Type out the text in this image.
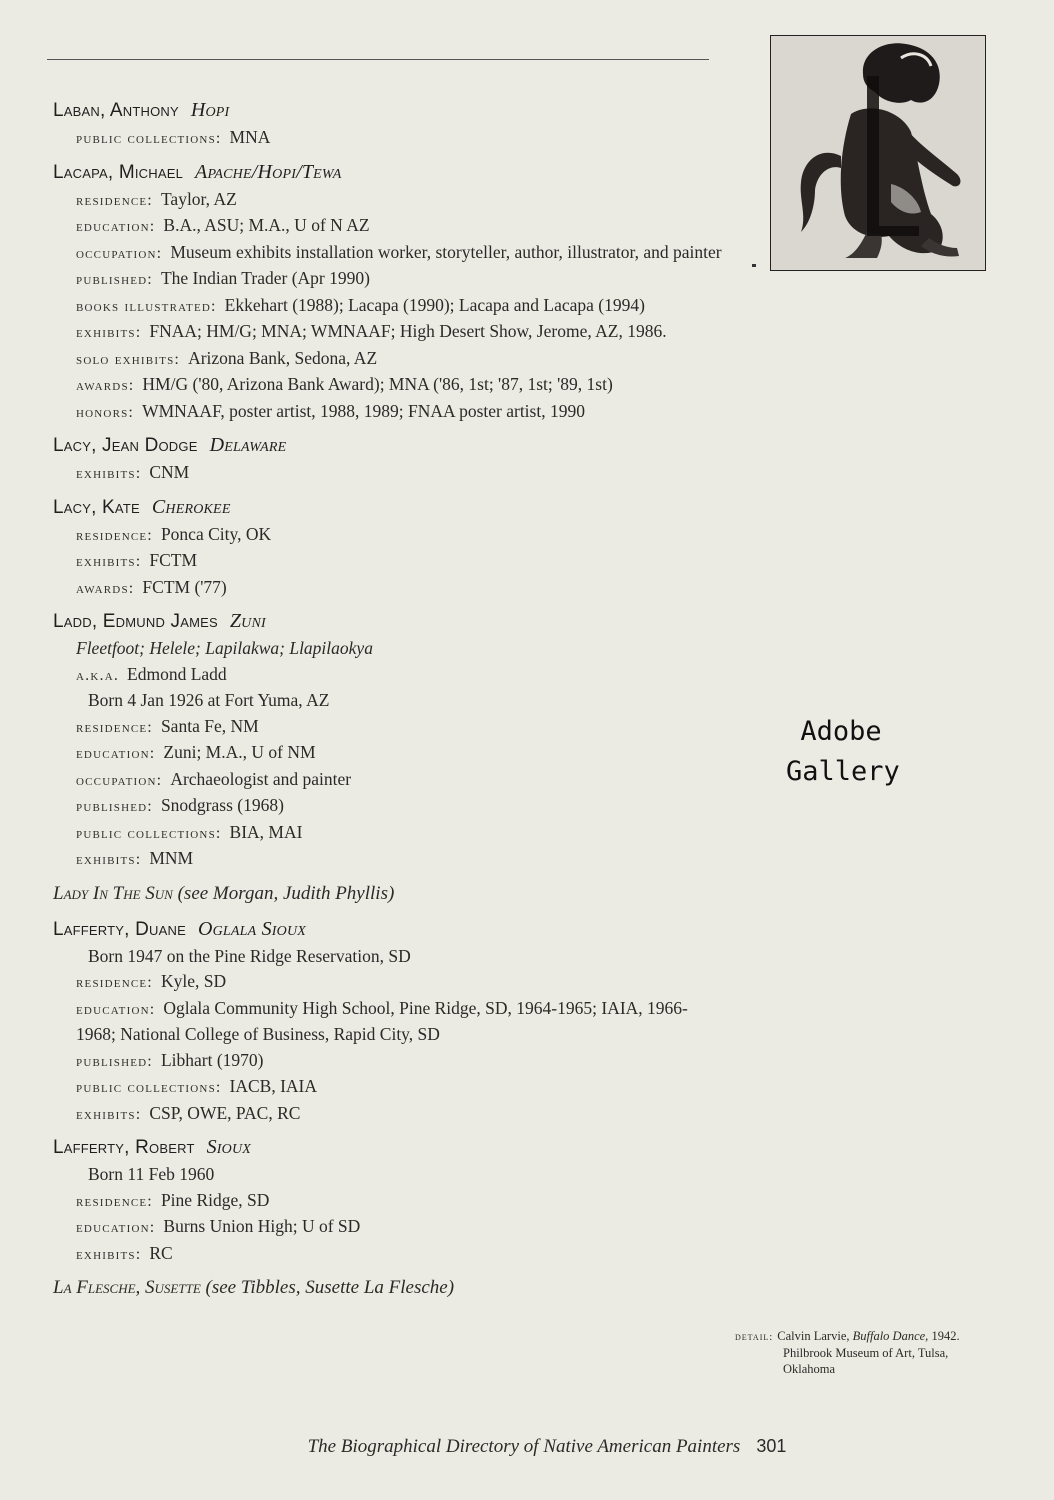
Laban, Anthony Hopi
public collections: MNA
Lacapa, Michael Apache/Hopi/Tewa
residence: Taylor, AZ
education: B.A., ASU; M.A., U of N AZ
occupation: Museum exhibits installation worker, storyteller, author, illustrator, and painter
published: The Indian Trader (Apr 1990)
books illustrated: Ekkehart (1988); Lacapa (1990); Lacapa and Lacapa (1994)
exhibits: FNAA; HM/G; MNA; WMNAAF; High Desert Show, Jerome, AZ, 1986.
solo exhibits: Arizona Bank, Sedona, AZ
awards: HM/G ('80, Arizona Bank Award); MNA ('86, 1st; '87, 1st; '89, 1st)
honors: WMNAAF, poster artist, 1988, 1989; FNAA poster artist, 1990
Lacy, Jean Dodge Delaware
exhibits: CNM
Lacy, Kate Cherokee
residence: Ponca City, OK
exhibits: FCTM
awards: FCTM ('77)
Ladd, Edmund James Zuni
Fleetfoot; Helele; Lapilakwa; Llapilaokya
a.k.a. Edmond Ladd
Born 4 Jan 1926 at Fort Yuma, AZ
residence: Santa Fe, NM
education: Zuni; M.A., U of NM
occupation: Archaeologist and painter
published: Snodgrass (1968)
public collections: BIA, MAI
exhibits: MNM
Lady In The Sun (see Morgan, Judith Phyllis)
Lafferty, Duane Oglala Sioux
Born 1947 on the Pine Ridge Reservation, SD
residence: Kyle, SD
education: Oglala Community High School, Pine Ridge, SD, 1964-1965; IAIA, 1966-1968; National College of Business, Rapid City, SD
published: Libhart (1970)
public collections: IACB, IAIA
exhibits: CSP, OWE, PAC, RC
Lafferty, Robert Sioux
Born 11 Feb 1960
residence: Pine Ridge, SD
education: Burns Union High; U of SD
exhibits: RC
La Flesche, Susette (see Tibbles, Susette La Flesche)
Adobe
Gallery
detail: Calvin Larvie, Buffalo Dance, 1942.
Philbrook Museum of Art, Tulsa,
Oklahoma
The Biographical Directory of Native American Painters 301
